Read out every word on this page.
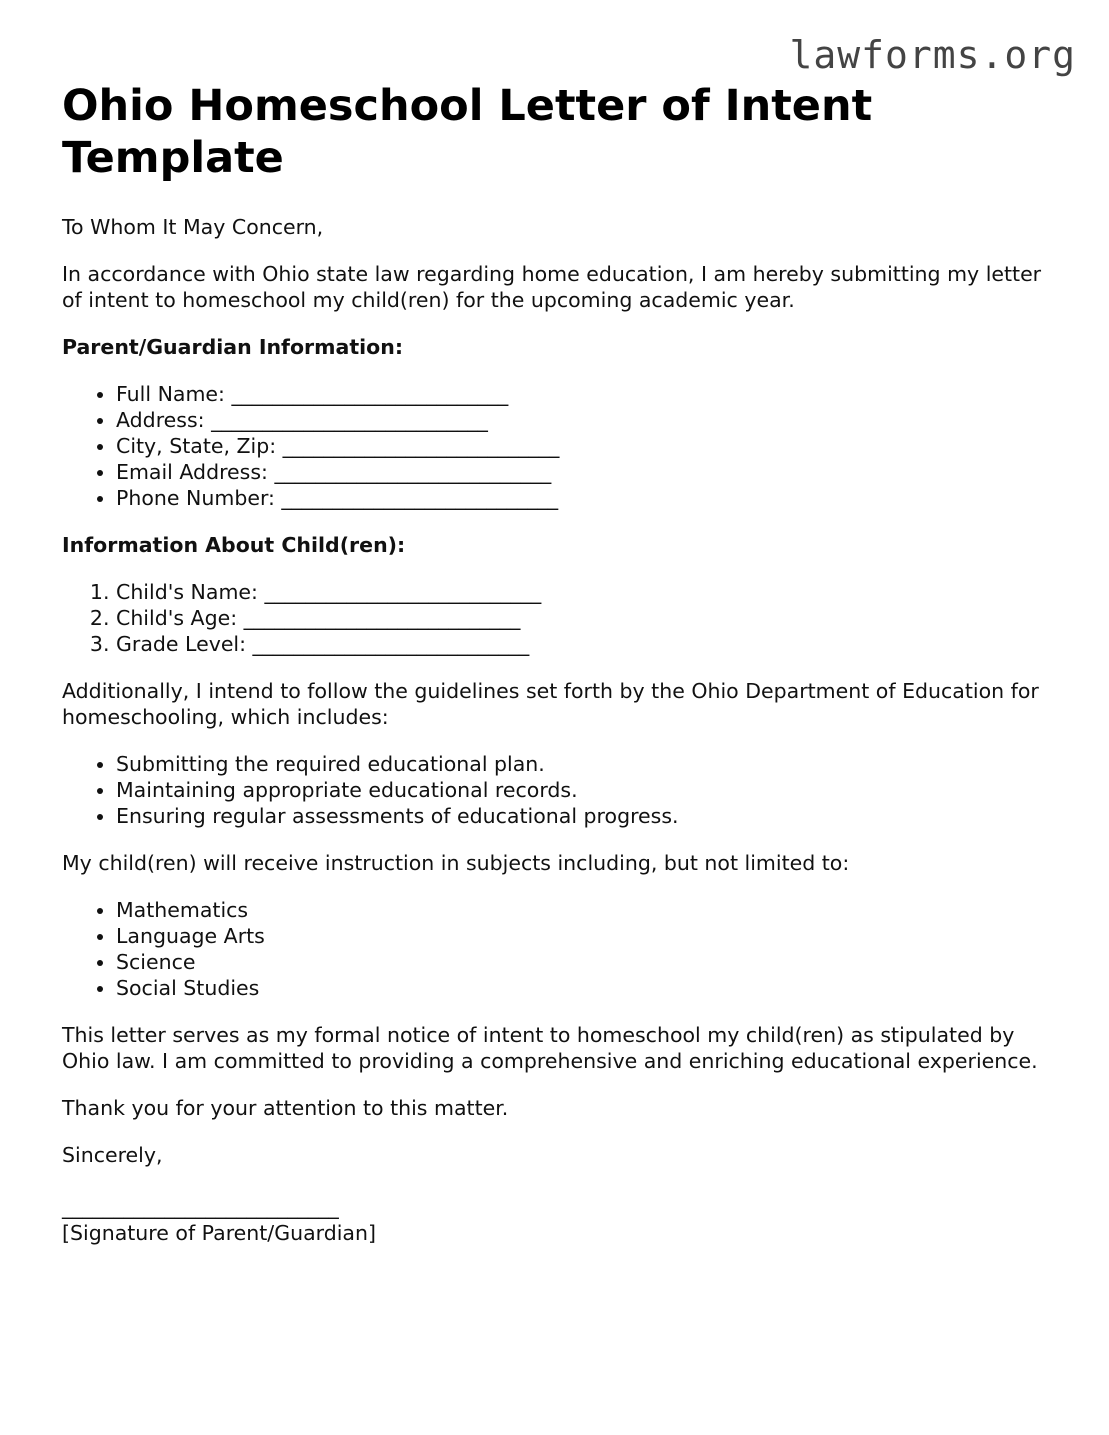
lawforms.org
Ohio Homeschool Letter of Intent Template

To Whom It May Concern,

In accordance with Ohio state law regarding home education, I am hereby submitting my letter of intent to homeschool my child(ren) for the upcoming academic year.

Parent/Guardian Information:

• Full Name: ___________________________
• Address: ___________________________
• City, State, Zip: ___________________________
• Email Address: ___________________________
• Phone Number: ___________________________

Information About Child(ren):

1. Child's Name: ___________________________
2. Child's Age: ___________________________
3. Grade Level: ___________________________

Additionally, I intend to follow the guidelines set forth by the Ohio Department of Education for homeschooling, which includes:

• Submitting the required educational plan.
• Maintaining appropriate educational records.
• Ensuring regular assessments of educational progress.

My child(ren) will receive instruction in subjects including, but not limited to:

• Mathematics
• Language Arts
• Science
• Social Studies

This letter serves as my formal notice of intent to homeschool my child(ren) as stipulated by Ohio law. I am committed to providing a comprehensive and enriching educational experience.

Thank you for your attention to this matter.

Sincerely,

___________________________
[Signature of Parent/Guardian]
